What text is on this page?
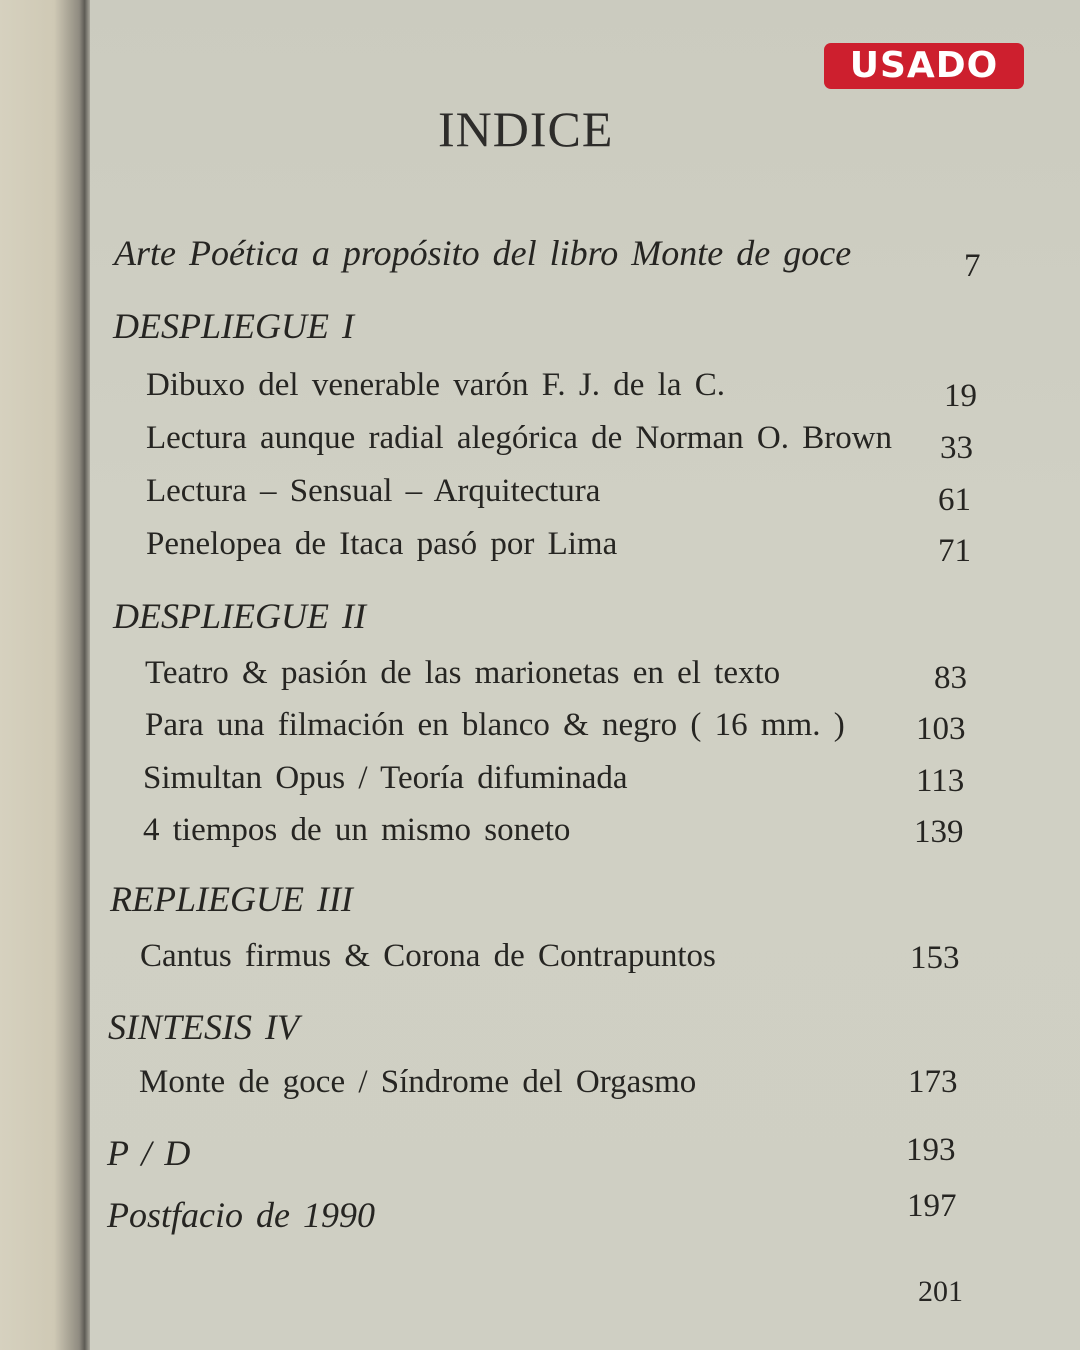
USADO
INDICE
Arte Poética a propósito del libro Monte de goce	7
DESPLIEGUE I
Dibuxo del venerable varón F. J. de la C.	19
Lectura aunque radial alegórica de Norman O. Brown 33
Lectura – Sensual – Arquitectura	61
Penelopea de Itaca pasó por Lima	71
DESPLIEGUE II
Teatro & pasión de las marionetas en el texto	83
Para una filmación en blanco & negro ( 16 mm. ) 103
Simultan Opus / Teoría difuminada	113
4 tiempos de un mismo soneto	139
REPLIEGUE III
Cantus firmus & Corona de Contrapuntos	153
SINTESIS IV
Monte de goce / Síndrome del Orgasmo	173
P / D	193
Postfacio de 1990	197
201
